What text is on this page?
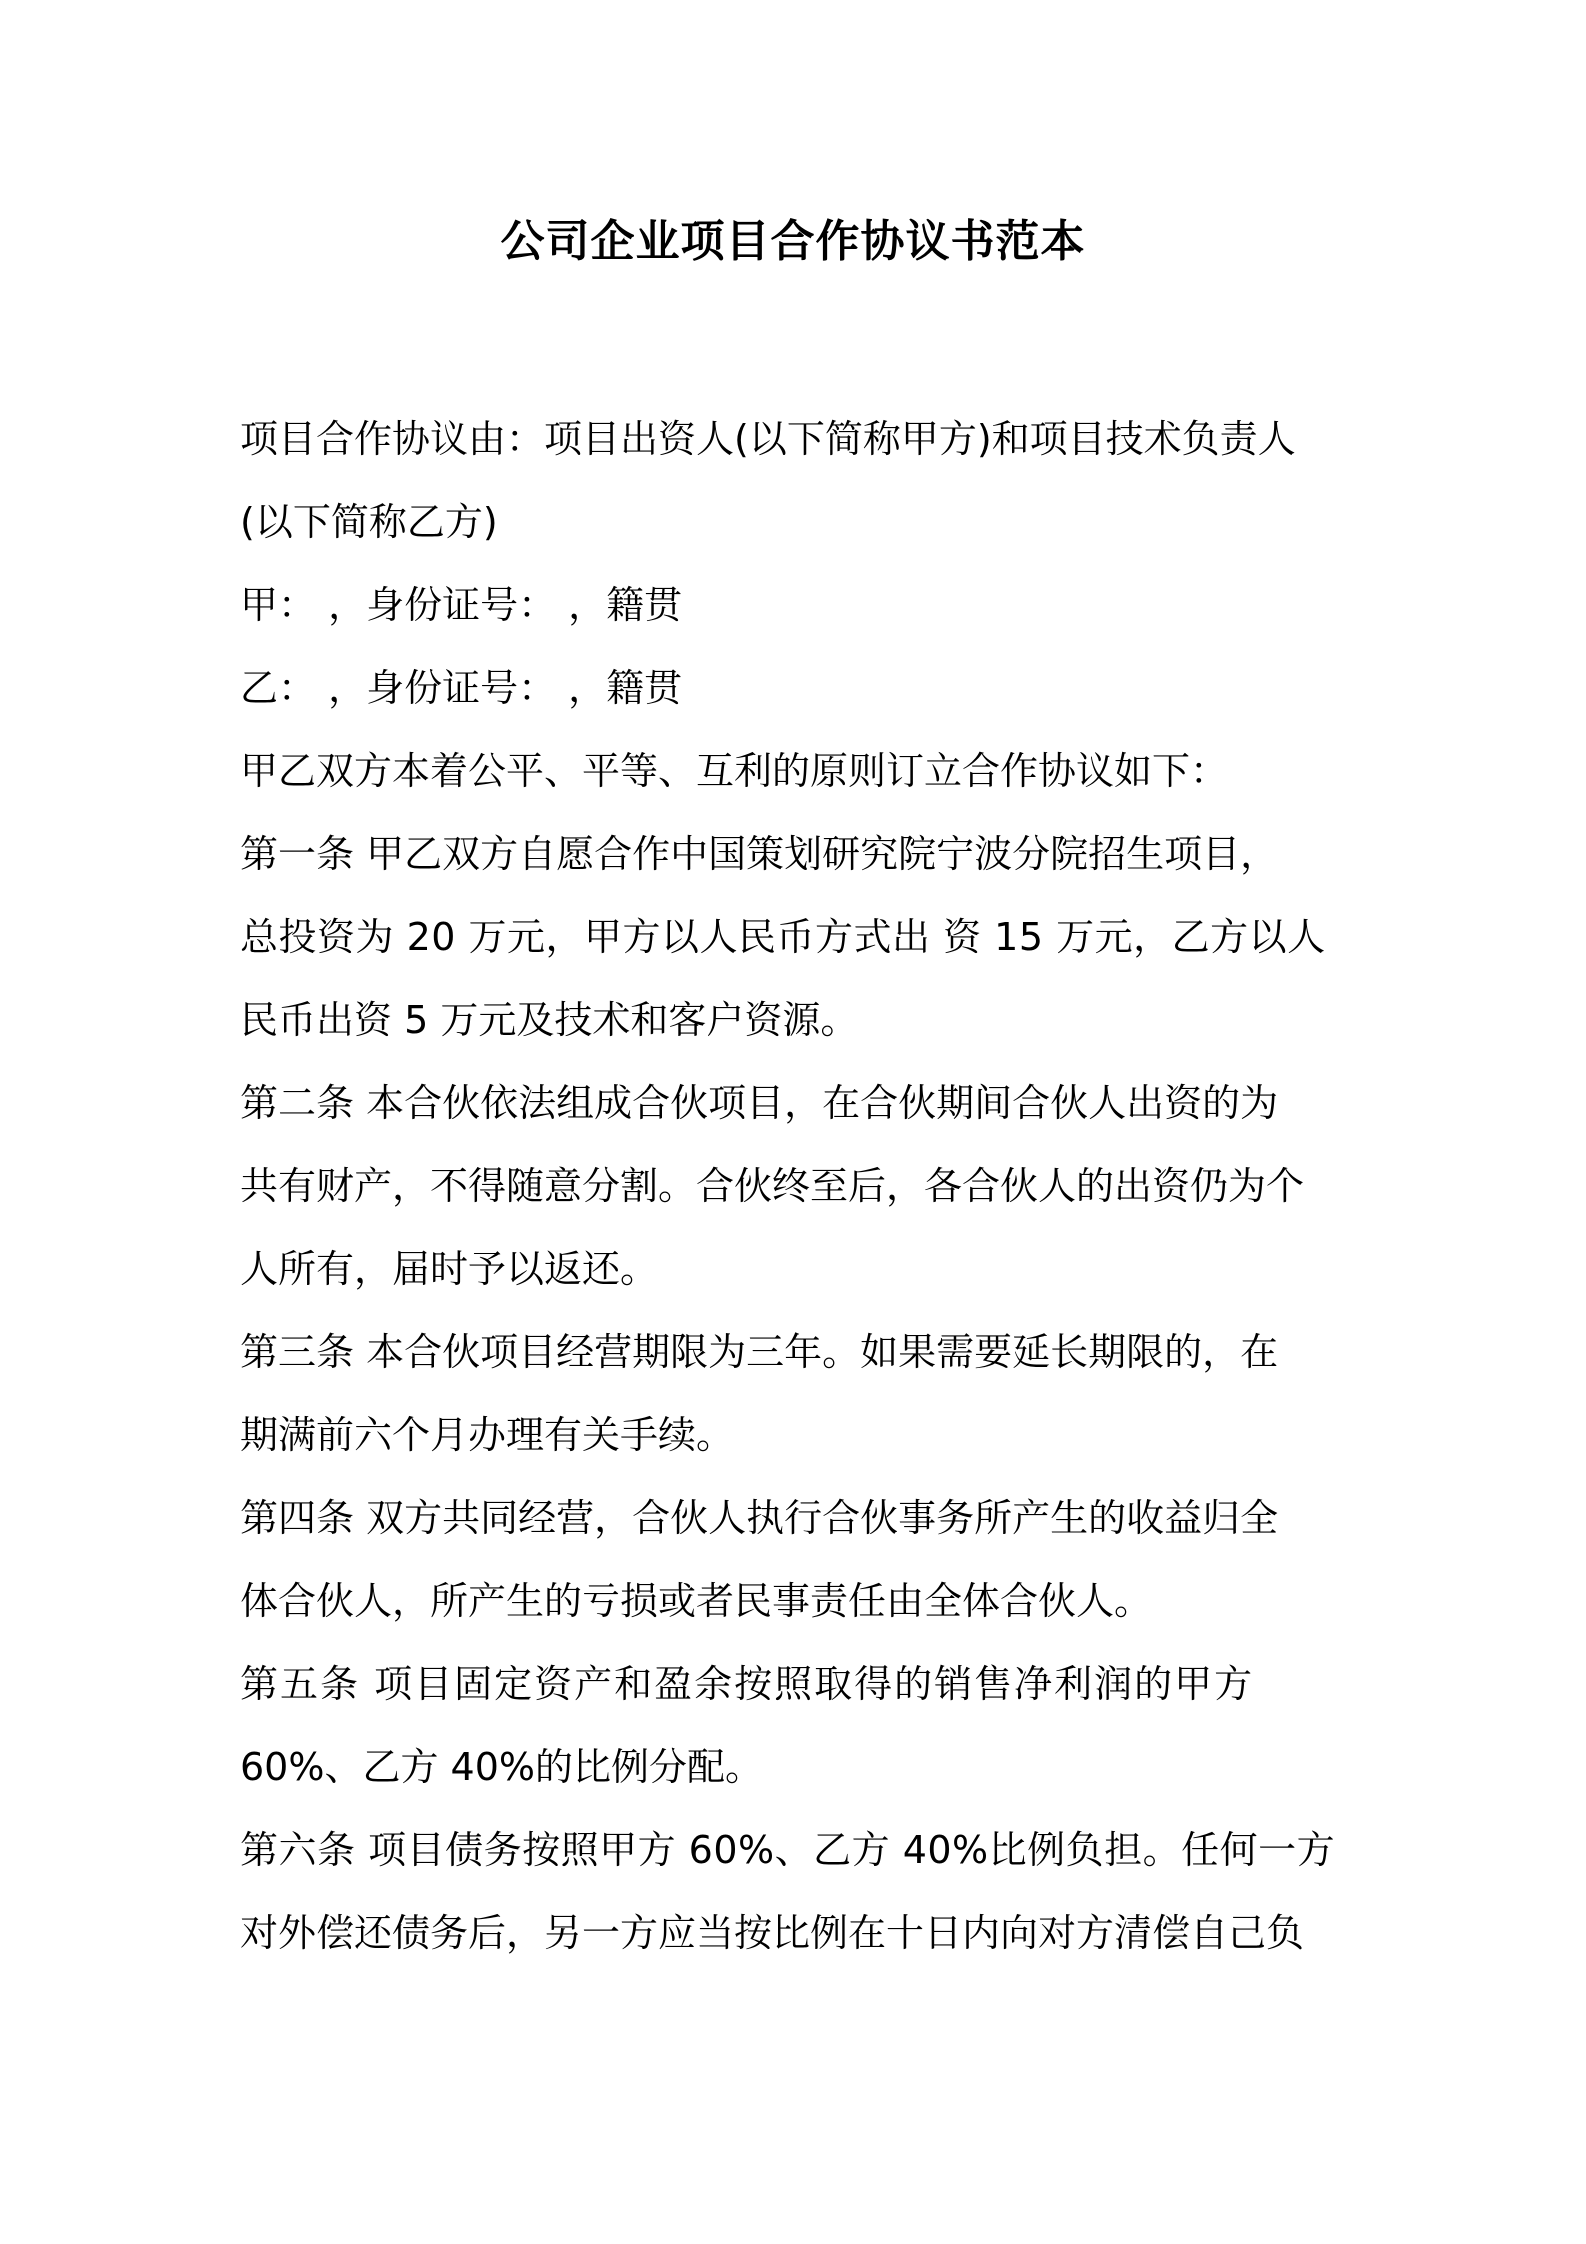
公司企业项目合作协议书范本
项目合作协议由：项目出资人(以下简称甲方)和项目技术负责人
(以下简称乙方)
甲： ，身份证号： ，籍贯
乙： ，身份证号： ，籍贯
甲乙双方本着公平、平等、互利的原则订立合作协议如下：
第一条 甲乙双方自愿合作中国策划研究院宁波分院招生项目，
总投资为 20 万元，甲方以人民币方式出 资 15 万元，乙方以人
民币出资 5 万元及技术和客户资源。
第二条 本合伙依法组成合伙项目，在合伙期间合伙人出资的为
共有财产，不得随意分割。合伙终至后，各合伙人的出资仍为个
人所有，届时予以返还。
第三条 本合伙项目经营期限为三年。如果需要延长期限的，在
期满前六个月办理有关手续。
第四条 双方共同经营，合伙人执行合伙事务所产生的收益归全
体合伙人，所产生的亏损或者民事责任由全体合伙人。
第五条 项目固定资产和盈余按照取得的销售净利润的甲方
60%、乙方 40%的比例分配。
第六条 项目债务按照甲方 60%、乙方 40%比例负担。任何一方
对外偿还债务后，另一方应当按比例在十日内向对方清偿自己负
